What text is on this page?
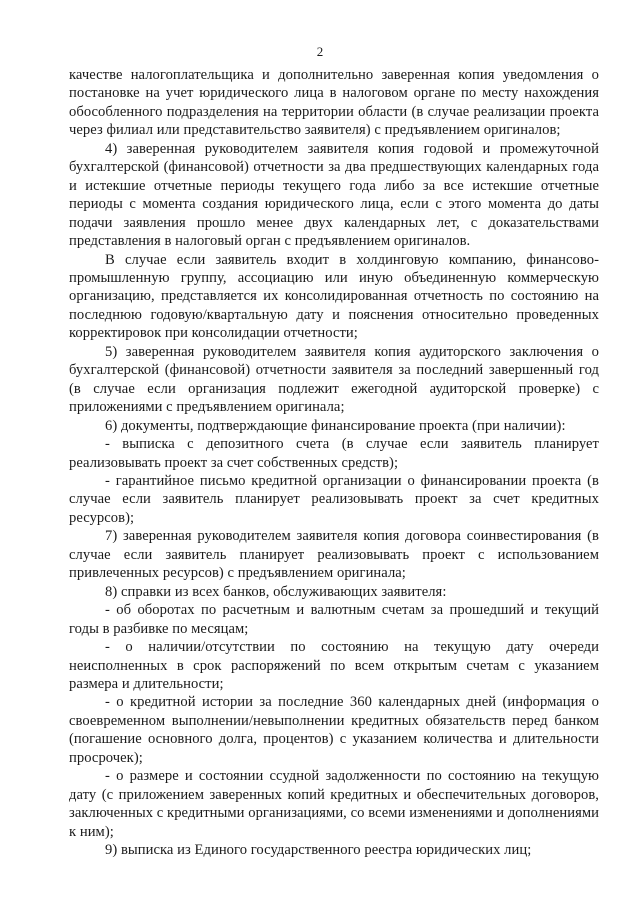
2

качестве налогоплательщика и дополнительно заверенная копия уведомления о постановке на учет юридического лица в налоговом органе по месту нахождения обособленного подразделения на территории области (в случае реализации проекта через филиал или представительство заявителя) с предъявлением оригиналов;

4) заверенная руководителем заявителя копия годовой и промежуточной бухгалтерской (финансовой) отчетности за два предшествующих календарных года и истекшие отчетные периоды текущего года либо за все истекшие отчетные периоды с момента создания юридического лица, если с этого момента до даты подачи заявления прошло менее двух календарных лет, с доказательствами представления в налоговый орган с предъявлением оригиналов.

В случае если заявитель входит в холдинговую компанию, финансово-промышленную группу, ассоциацию или иную объединенную коммерческую организацию, представляется их консолидированная отчетность по состоянию на последнюю годовую/квартальную дату и пояснения относительно проведенных корректировок при консолидации отчетности;

5) заверенная руководителем заявителя копия аудиторского заключения о бухгалтерской (финансовой) отчетности заявителя за последний завершенный год (в случае если организация подлежит ежегодной аудиторской проверке) с приложениями с предъявлением оригинала;

6) документы, подтверждающие финансирование проекта (при наличии):

- выписка с депозитного счета (в случае если заявитель планирует реализовывать проект за счет собственных средств);

- гарантийное письмо кредитной организации о финансировании проекта (в случае если заявитель планирует реализовывать проект за счет кредитных ресурсов);

7) заверенная руководителем заявителя копия договора соинвестирования (в случае если заявитель планирует реализовывать проект с использованием привлеченных ресурсов) с предъявлением оригинала;

8) справки из всех банков, обслуживающих заявителя:

- об оборотах по расчетным и валютным счетам за прошедший и текущий годы в разбивке по месяцам;

- о наличии/отсутствии по состоянию на текущую дату очереди неисполненных в срок распоряжений по всем открытым счетам с указанием размера и длительности;

- о кредитной истории за последние 360 календарных дней (информация о своевременном выполнении/невыполнении кредитных обязательств перед банком (погашение основного долга, процентов) с указанием количества и длительности просрочек);

- о размере и состоянии ссудной задолженности по состоянию на текущую дату (с приложением заверенных копий кредитных и обеспечительных договоров, заключенных с кредитными организациями, со всеми изменениями и дополнениями к ним);

9) выписка из Единого государственного реестра юридических лиц;
